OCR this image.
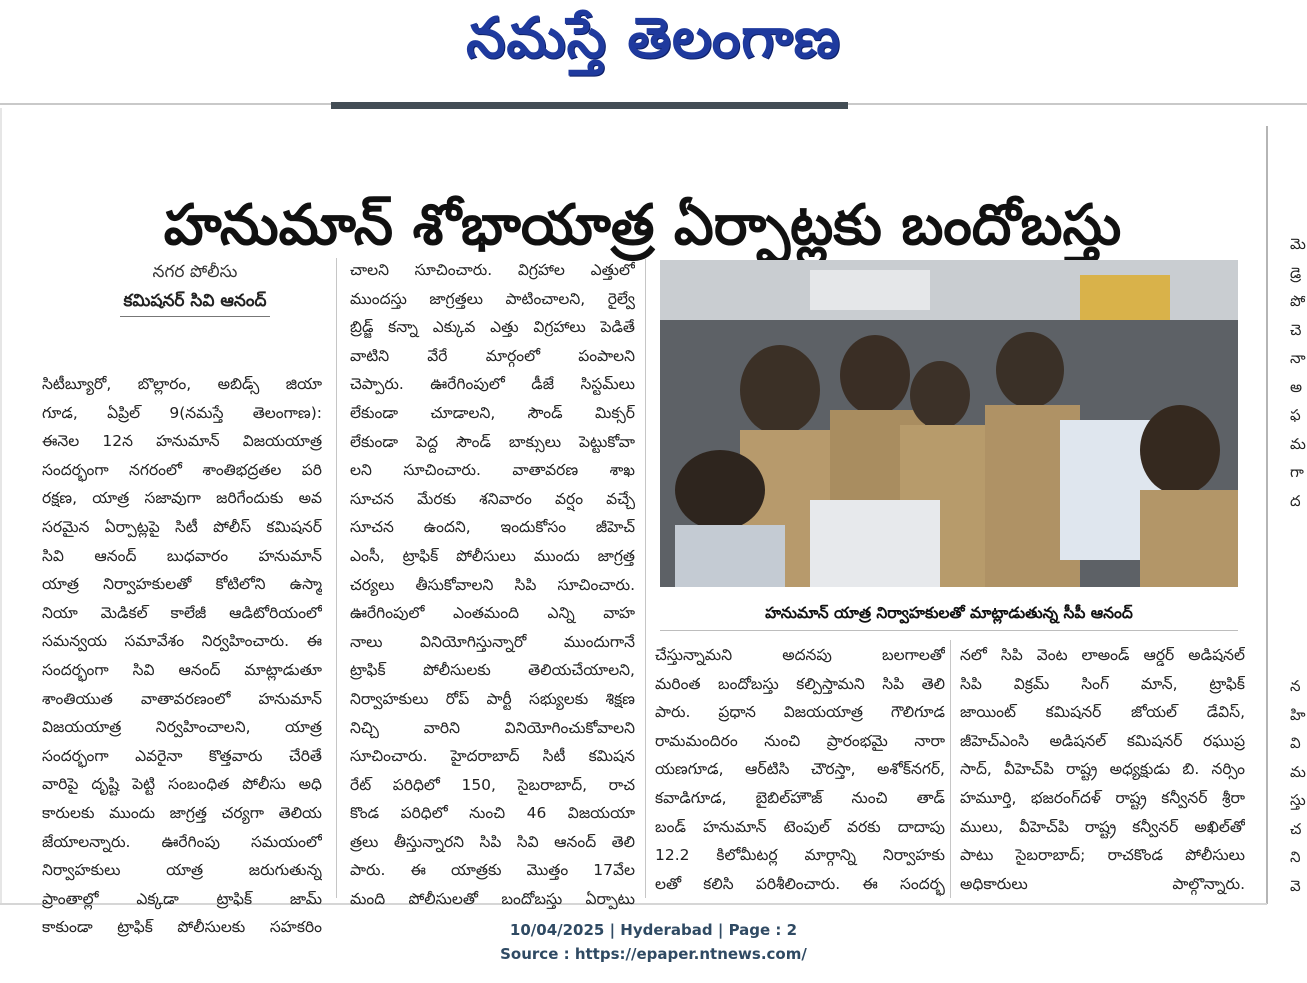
నమస్తే తెలంగాణ
హనుమాన్ శోభాయాత్ర ఏర్పాట్లకు బందోబస్తు
నగర పోలీసు
కమిషనర్ సివి ఆనంద్

సిటీబ్యూరో, బొల్లారం, అబిడ్స్ జియా

గూడ, ఏప్రిల్ 9(నమస్తే తెలంగాణ):

ఈనెల 12న హనుమాన్ విజయయాత్ర

సందర్భంగా నగరంలో శాంతిభద్రతల పరి

రక్షణ, యాత్ర సజావుగా జరిగేందుకు అవ

సరమైన ఏర్పాట్లపై సిటీ పోలీస్ కమిషనర్

సివి ఆనంద్ బుధవారం హనుమాన్

యాత్ర నిర్వాహకులతో కోటిలోని ఉస్మా

నియా మెడికల్ కాలేజీ ఆడిటోరియంలో

సమన్వయ సమావేశం నిర్వహించారు. ఈ

సందర్భంగా సివి ఆనంద్ మాట్లాడుతూ

శాంతియుత వాతావరణంలో హనుమాన్

విజయయాత్ర నిర్వహించాలని, యాత్ర

సందర్భంగా ఎవరైనా కొత్తవారు చేరితే

వారిపై దృష్టి పెట్టి సంబంధిత పోలీసు అధి

కారులకు ముందు జాగ్రత్త చర్యగా తెలియ

జేయాలన్నారు. ఊరేగింపు సమయంలో

నిర్వాహకులు యాత్ర జరుగుతున్న

ప్రాంతాల్లో ఎక్కడా ట్రాఫిక్ జామ్

కాకుండా ట్రాఫిక్ పోలీసులకు సహకరిం

చాలని సూచించారు. విగ్రహాల ఎత్తులో

ముందస్తు జాగ్రత్తలు పాటించాలని, రైల్వే

బ్రిడ్జ్ కన్నా ఎక్కువ ఎత్తు విగ్రహాలు పెడితే

వాటిని వేరే మార్గంలో పంపాలని

చెప్పారు. ఊరేగింపులో డీజే సిస్టమ్‌లు

లేకుండా చూడాలని, సౌండ్ మిక్సర్

లేకుండా పెద్ద సౌండ్ బాక్సులు పెట్టుకోవా

లని సూచించారు. వాతావరణ శాఖ

సూచన మేరకు శనివారం వర్షం వచ్చే

సూచన ఉందని, ఇందుకోసం జీహెచ్

ఎంసీ, ట్రాఫిక్ పోలీసులు ముందు జాగ్రత్త

చర్యలు తీసుకోవాలని సిపి సూచించారు.

ఊరేగింపులో ఎంతమంది ఎన్ని వాహ

నాలు వినియోగిస్తున్నారో ముందుగానే

ట్రాఫిక్ పోలీసులకు తెలియచేయాలని,

నిర్వాహకులు రోప్ పార్టీ సభ్యులకు శిక్షణ

నిచ్చి వారిని వినియోగించుకోవాలని

సూచించారు. హైదరాబాద్ సిటీ కమిషన

రేట్ పరిధిలో 150, సైబరాబాద్, రాచ

కొండ పరిధిలో నుంచి 46 విజయయా

త్రలు తీస్తున్నారని సిపి సివి ఆనంద్ తెలి

పారు. ఈ యాత్రకు మొత్తం 17వేల

మంది పోలీసులతో బందోబస్తు ఏర్పాటు

హనుమాన్ యాత్ర నిర్వాహకులతో మాట్లాడుతున్న సీపీ ఆనంద్

చేస్తున్నామని అదనపు బలగాలతో

మరింత బందోబస్తు కల్పిస్తామని సిపి తెలి

పారు. ప్రధాన విజయయాత్ర గౌలిగూడ

రామమందిరం నుంచి ప్రారంభమై నారా

యణగూడ, ఆర్‌టిసి చౌరస్తా, అశోక్‌నగర్,

కవాడిగూడ, బైబిల్‌హౌజ్ నుంచి తాడ్

బండ్ హనుమాన్ టెంపుల్ వరకు దాదాపు

12.2 కిలోమీటర్ల మార్గాన్ని నిర్వాహకు

లతో కలిసి పరిశీలించారు. ఈ సందర్భ

నలో సిపి వెంట లాఅండ్ ఆర్డర్ అడిషనల్

సిపి విక్రమ్ సింగ్ మాన్, ట్రాఫిక్

జాయింట్ కమిషనర్ జోయల్ డేవిస్,

జీహెచ్‌ఎంసి అడిషనల్ కమిషనర్ రఘుప్ర

సాద్, వీహెచ్‌పి రాష్ట్ర అధ్యక్షుడు బి. నర్సిం

హమూర్తి, భజరంగ్‌దళ్ రాష్ట్ర కన్వీనర్ శ్రీరా

ములు, వీహెచ్‌పి రాష్ట్ర కన్వీనర్ అఖిల్‌తో

పాటు సైబరాబాద్; రాచకొండ పోలీసులు

అధికారులు పాల్గొన్నారు.

మె

డ్రె

పో

చె

నా

అ

ఫ

మ

గా

ద

న

హి

వి

మ

స్తు

చ

ని

వె

10/04/2025 | Hyderabad | Page : 2
Source : https://epaper.ntnews.com/
